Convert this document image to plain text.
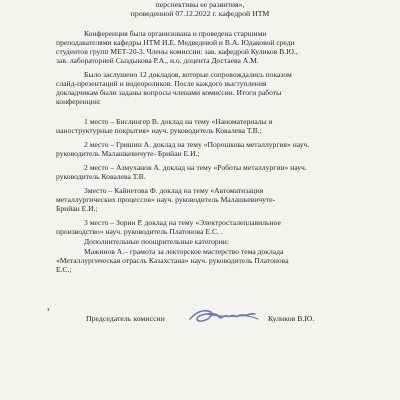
перспективы ее развития»,
проведенной 07.12.2022 г. кафедрой НТМ
Конференция была организована и проведена старшими
преподавателями кафедры НТМ И.Е. Медведевой и В.А. Юдаковой среди
студентов групп МЕТ-20-3. Члены комиссии: зав. кафедрой Куликов В.Ю.,
зав. лабораторией Сыздыкова Р.А., и.о. доцента Достаева А.М.
Было заслушено 12 докладов, которые сопровождались показом
слайд-презентаций и видеороликов. После каждого выступления
докладчикам были заданы вопросы членами комиссии. Итоги работы
конференции:
1 место – Бислингер В. доклад на тему «Наноматериалы и
наноструктурные покрытия» науч. руководитель Ковалева Т.В.;
2 место – Гришин А. доклад на тему «Порошкова металлургия» науч.
руководитель Малашкевичуте- Брийан Е.И.;
2 место – Азмуханов А. доклад на тему «Роботы металлургии» науч.
руководитель Ковалева Т.В.
3место – Кайнетова Ф. доклад на тему «Автоматизация
металлургических процессов» науч. руководитель Малашкевичуте-
Брийан Е.И.;
3 место – Зорин Р. доклад на тему «Электросталеплавильное
производство» науч. руководитель Платонова Е.С. .
Дополнительные поощрительные категории:
Мажинов А.– грамота за лекторское мастерство тема доклада
«Металлургическая отрасль Казахстана» науч. руководитель Платонова
Е.С.;
з
Председатель комиссии	Куликов В.Ю.
